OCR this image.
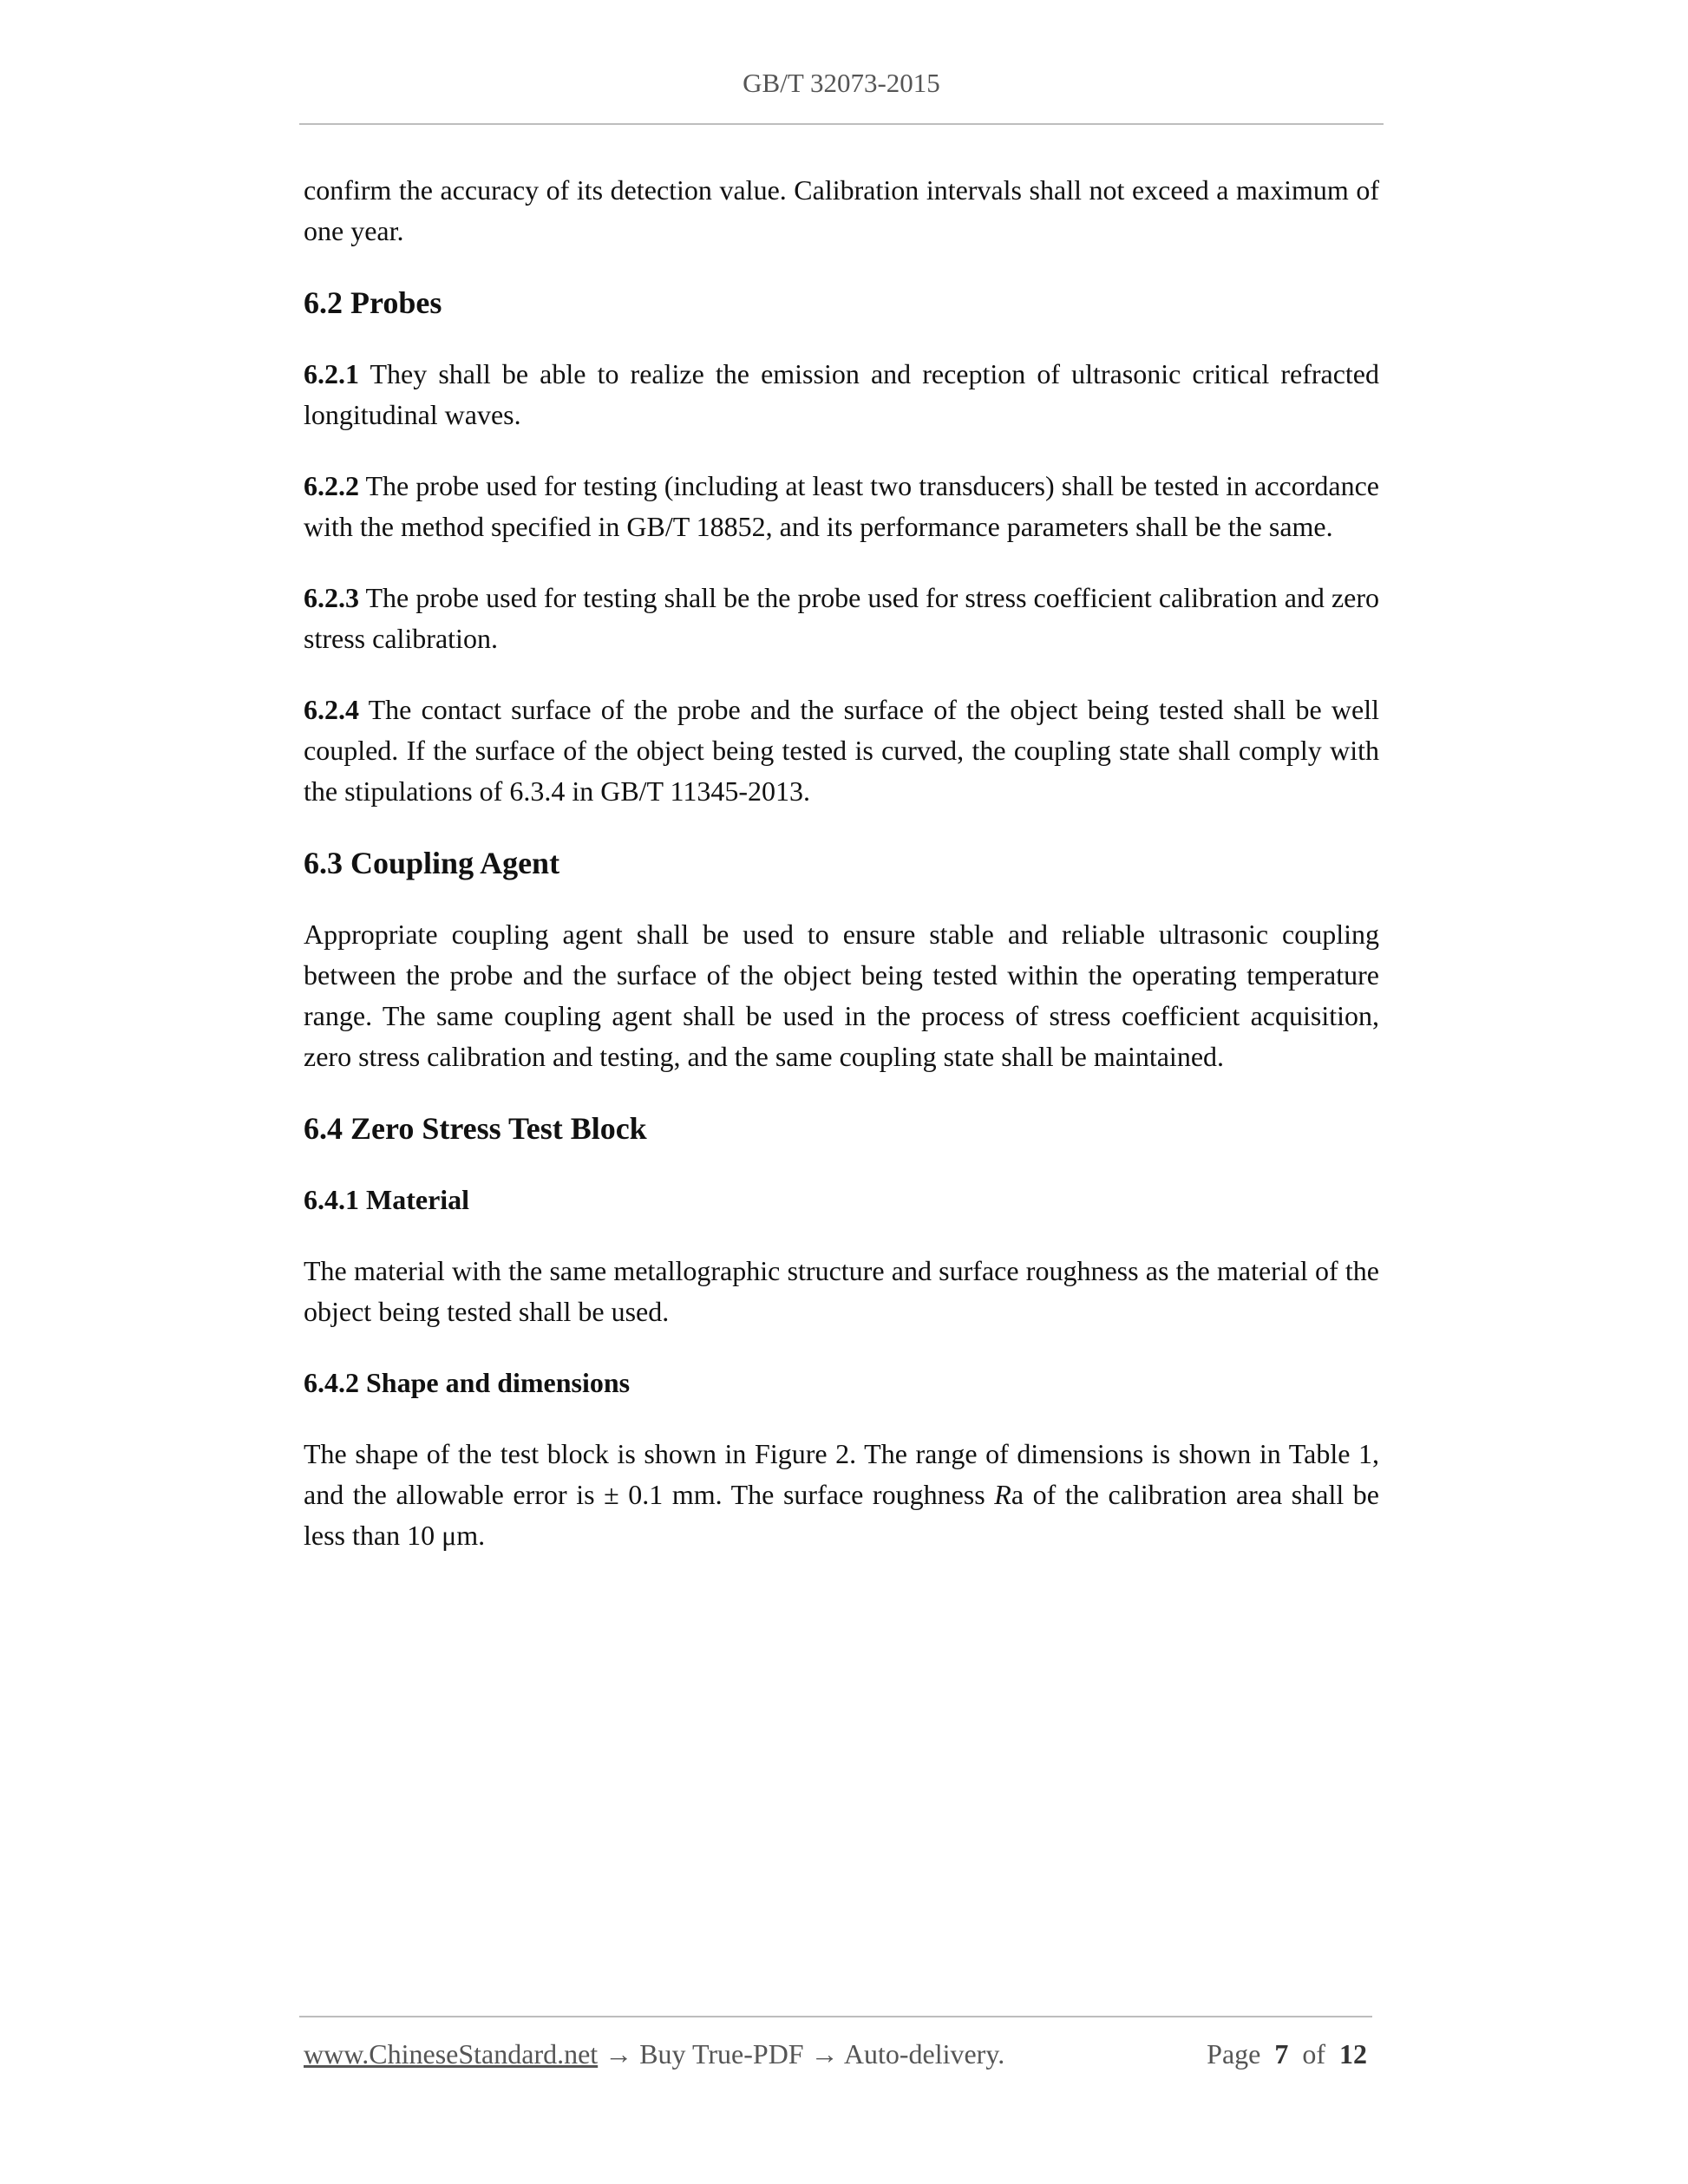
GB/T 32073-2015

confirm the accuracy of its detection value. Calibration intervals shall not exceed a maximum of one year.

6.2 Probes

6.2.1 They shall be able to realize the emission and reception of ultrasonic critical refracted longitudinal waves.

6.2.2 The probe used for testing (including at least two transducers) shall be tested in accordance with the method specified in GB/T 18852, and its performance parameters shall be the same.

6.2.3 The probe used for testing shall be the probe used for stress coefficient calibration and zero stress calibration.

6.2.4 The contact surface of the probe and the surface of the object being tested shall be well coupled. If the surface of the object being tested is curved, the coupling state shall comply with the stipulations of 6.3.4 in GB/T 11345-2013.

6.3 Coupling Agent

Appropriate coupling agent shall be used to ensure stable and reliable ultrasonic coupling between the probe and the surface of the object being tested within the operating temperature range. The same coupling agent shall be used in the process of stress coefficient acquisition, zero stress calibration and testing, and the same coupling state shall be maintained.

6.4 Zero Stress Test Block
6.4.1 Material

The material with the same metallographic structure and surface roughness as the material of the object being tested shall be used.

6.4.2 Shape and dimensions

The shape of the test block is shown in Figure 2. The range of dimensions is shown in Table 1, and the allowable error is ± 0.1 mm. The surface roughness Ra of the calibration area shall be less than 10 μm.

www.ChineseStandard.net → Buy True-PDF → Auto-delivery.	Page 7 of 12
